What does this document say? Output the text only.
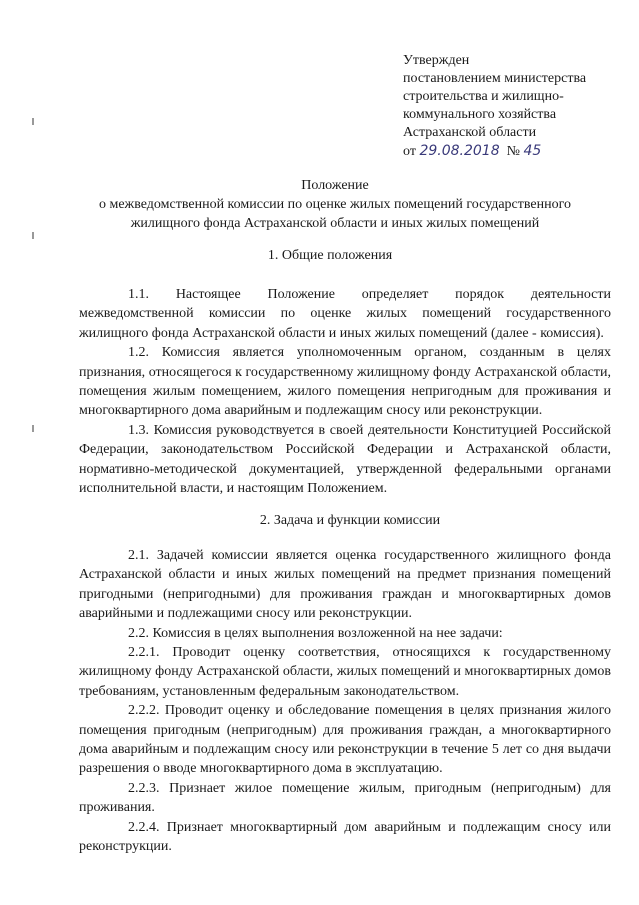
Утвержден
постановлением министерства
строительства и жилищно-
коммунального хозяйства
Астраханской области
от 29.08.2018 № 45
Положение
о межведомственной комиссии по оценке жилых помещений государственного
жилищного фонда Астраханской области и иных жилых помещений
1. Общие положения

1.1. Настоящее Положение определяет порядок деятельности межведомственной комиссии по оценке жилых помещений государственного жилищного фонда Астраханской области и иных жилых помещений (далее - комиссия).

1.2. Комиссия является уполномоченным органом, созданным в целях признания, относящегося к государственному жилищному фонду Астраханской области, помещения жилым помещением, жилого помещения непригодным для проживания и многоквартирного дома аварийным и подлежащим сносу или реконструкции.

1.3. Комиссия руководствуется в своей деятельности Конституцией Российской Федерации, законодательством Российской Федерации и Астраханской области, нормативно-методической документацией, утвержденной федеральными органами исполнительной власти, и настоящим Положением.

2. Задача и функции комиссии

2.1. Задачей комиссии является оценка государственного жилищного фонда Астраханской области и иных жилых помещений на предмет признания помещений пригодными (непригодными) для проживания граждан и многоквартирных домов аварийными и подлежащими сносу или реконструкции.

2.2. Комиссия в целях выполнения возложенной на нее задачи:

2.2.1. Проводит оценку соответствия, относящихся к государственному жилищному фонду Астраханской области, жилых помещений и многоквартирных домов требованиям, установленным федеральным законодательством.

2.2.2. Проводит оценку и обследование помещения в целях признания жилого помещения пригодным (непригодным) для проживания граждан, а многоквартирного дома аварийным и подлежащим сносу или реконструкции в течение 5 лет со дня выдачи разрешения о вводе многоквартирного дома в эксплуатацию.

2.2.3. Признает жилое помещение жилым, пригодным (непригодным) для проживания.

2.2.4. Признает многоквартирный дом аварийным и подлежащим сносу или реконструкции.
